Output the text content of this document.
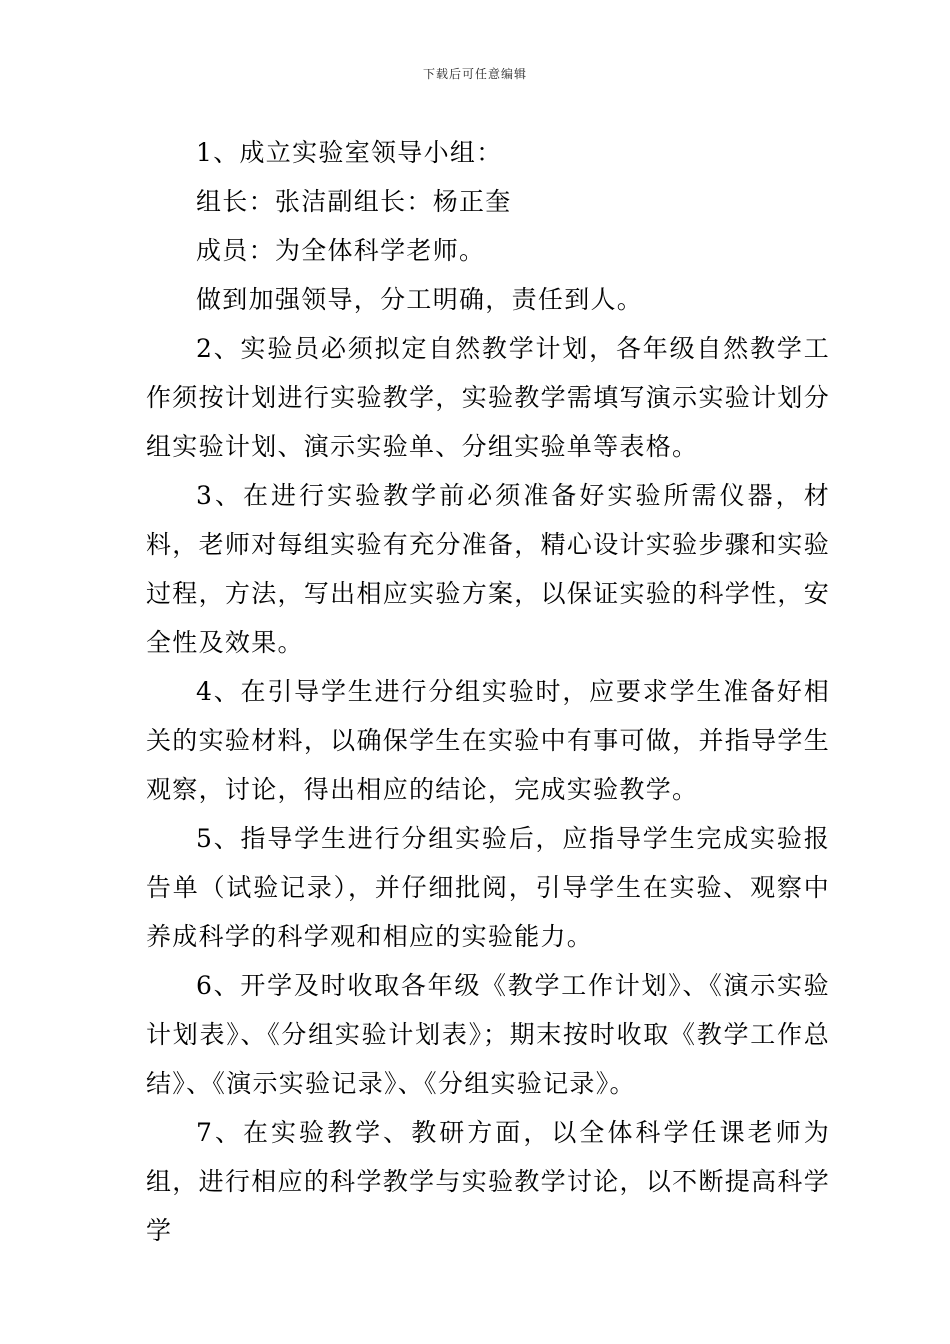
下载后可任意编辑

1、成立实验室领导小组：

组长：张洁副组长：杨正奎

成员：为全体科学老师。

做到加强领导，分工明确，责任到人。

2、实验员必须拟定自然教学计划，各年级自然教学工作须按计划进行实验教学，实验教学需填写演示实验计划分组实验计划、演示实验单、分组实验单等表格。

3、在进行实验教学前必须准备好实验所需仪器，材料，老师对每组实验有充分准备，精心设计实验步骤和实验过程，方法，写出相应实验方案，以保证实验的科学性，安全性及效果。

4、在引导学生进行分组实验时，应要求学生准备好相关的实验材料，以确保学生在实验中有事可做，并指导学生观察，讨论，得出相应的结论，完成实验教学。

5、指导学生进行分组实验后，应指导学生完成实验报告单（试验记录），并仔细批阅，引导学生在实验、观察中养成科学的科学观和相应的实验能力。

6、开学及时收取各年级《教学工作计划》、《演示实验计划表》、《分组实验计划表》；期末按时收取《教学工作总结》、《演示实验记录》、《分组实验记录》。

7、在实验教学、教研方面，以全体科学任课老师为组，进行相应的科学教学与实验教学讨论，以不断提高科学学
